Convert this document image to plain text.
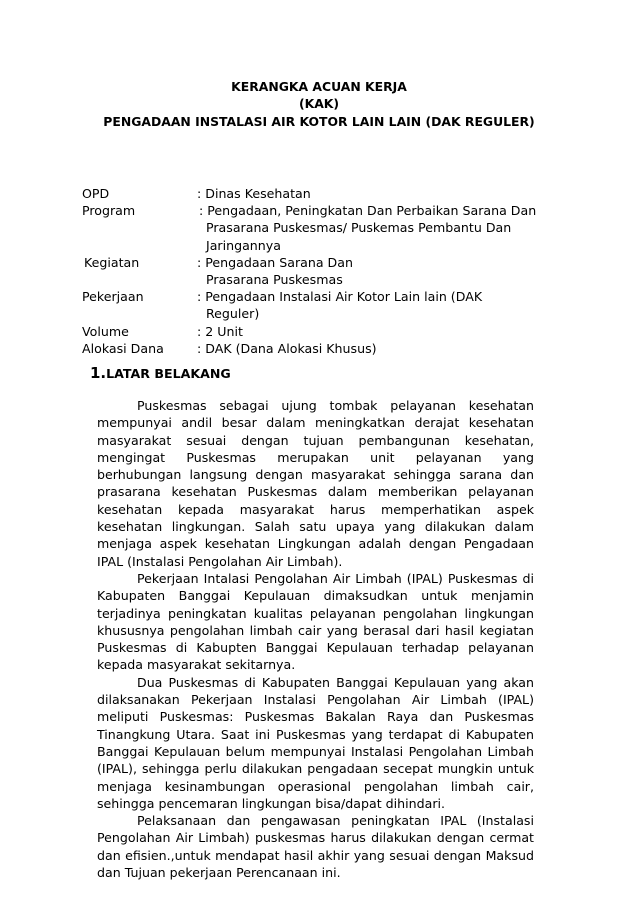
KERANGKA ACUAN KERJA
(KAK)
PENGADAAN INSTALASI AIR KOTOR LAIN LAIN (DAK REGULER)
OPD	: Dinas Kesehatan
Program	: Pengadaan, Peningkatan Dan Perbaikan Sarana Dan
Prasarana Puskesmas/ Puskemas Pembantu Dan
Jaringannya
Kegiatan	: Pengadaan Sarana Dan
Prasarana Puskesmas
Pekerjaan	: Pengadaan Instalasi Air Kotor Lain lain (DAK
Reguler)
Volume	: 2 Unit
Alokasi Dana	: DAK (Dana Alokasi Khusus)
1.LATAR BELAKANG

Puskesmas sebagai ujung tombak pelayanan kesehatan mempunyai andil besar dalam meningkatkan derajat kesehatan masyarakat sesuai dengan tujuan pembangunan kesehatan, mengingat Puskesmas merupakan unit pelayanan yang berhubungan langsung dengan masyarakat sehingga sarana dan prasarana kesehatan Puskesmas dalam memberikan pelayanan kesehatan kepada masyarakat harus memperhatikan aspek kesehatan lingkungan. Salah satu upaya yang dilakukan dalam menjaga aspek kesehatan Lingkungan adalah dengan Pengadaan IPAL (Instalasi Pengolahan Air Limbah).

Pekerjaan Intalasi Pengolahan Air Limbah (IPAL) Puskesmas di Kabupaten Banggai Kepulauan dimaksudkan untuk menjamin terjadinya peningkatan kualitas pelayanan pengolahan lingkungan khususnya pengolahan limbah cair yang berasal dari hasil kegiatan Puskesmas di Kabupten Banggai Kepulauan terhadap pelayanan kepada masyarakat sekitarnya.

Dua Puskesmas di Kabupaten Banggai Kepulauan yang akan dilaksanakan Pekerjaan Instalasi Pengolahan Air Limbah (IPAL) meliputi Puskesmas: Puskesmas Bakalan Raya dan Puskesmas Tinangkung Utara. Saat ini Puskesmas yang terdapat di Kabupaten Banggai Kepulauan belum mempunyai Instalasi Pengolahan Limbah (IPAL), sehingga perlu dilakukan pengadaan secepat mungkin untuk menjaga kesinambungan operasional pengolahan limbah cair, sehingga pencemaran lingkungan bisa/dapat dihindari.

Pelaksanaan dan pengawasan peningkatan IPAL (Instalasi Pengolahan Air Limbah) puskesmas harus dilakukan dengan cermat dan efisien.,untuk mendapat hasil akhir yang sesuai dengan Maksud dan Tujuan pekerjaan Perencanaan ini.
